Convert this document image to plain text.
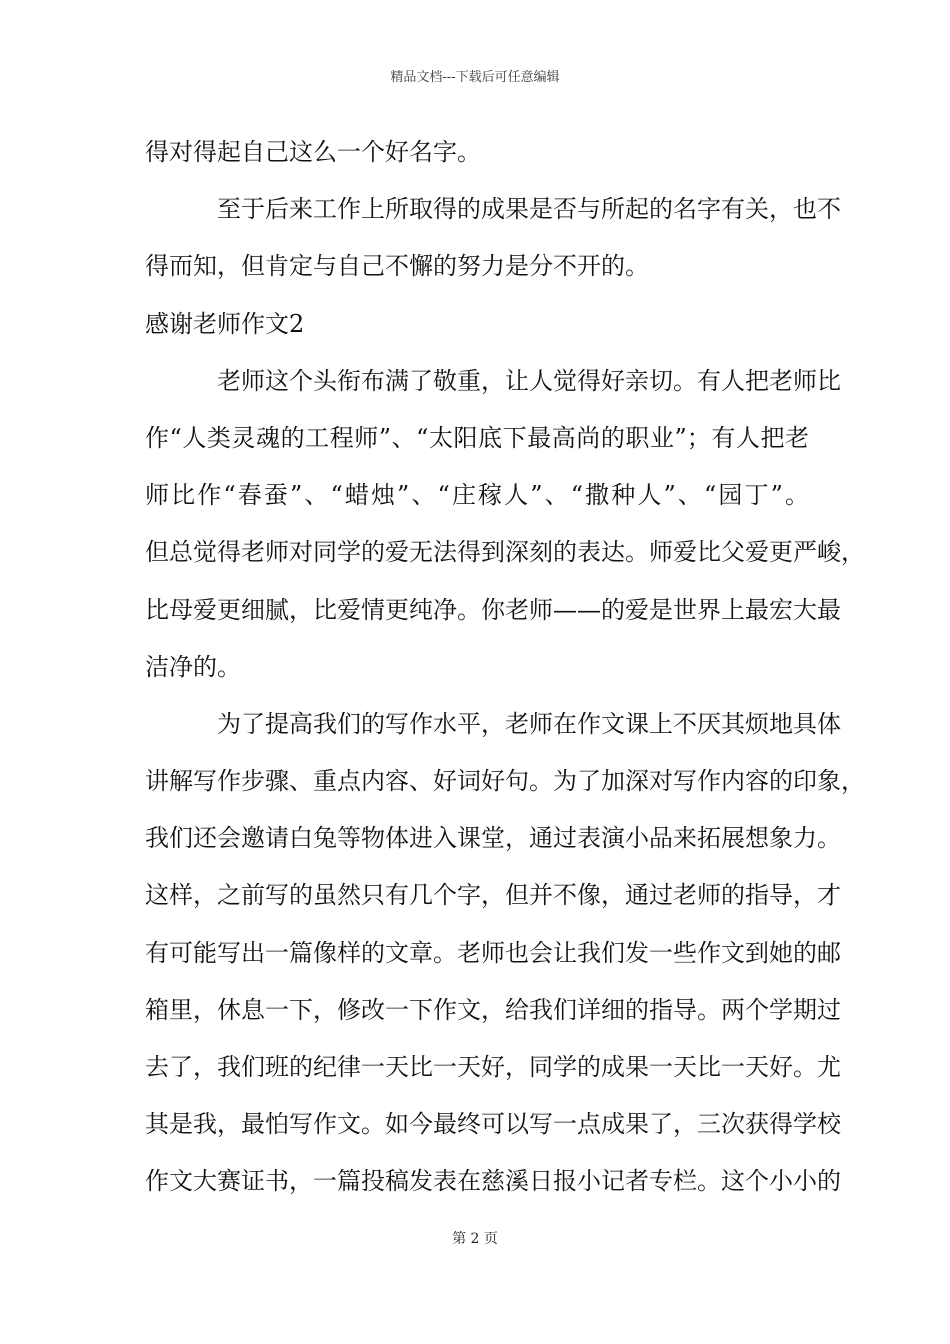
精品文档---下载后可任意编辑
得对得起自己这么一个好名字。
至于后来工作上所取得的成果是否与所起的名字有关，也不
得而知，但肯定与自己不懈的努力是分不开的。
感谢老师作文2
老师这个头衔布满了敬重，让人觉得好亲切。有人把老师比
作“人类灵魂的工程师”、“太阳底下最高尚的职业”；有人把老
师比作“春蚕”、“蜡烛”、“庄稼人”、“撒种人”、“园丁”。
但总觉得老师对同学的爱无法得到深刻的表达。师爱比父爱更严峻，
比母爱更细腻，比爱情更纯净。你老师——的爱是世界上最宏大最
洁净的。
为了提高我们的写作水平，老师在作文课上不厌其烦地具体
讲解写作步骤、重点内容、好词好句。为了加深对写作内容的印象，
我们还会邀请白兔等物体进入课堂，通过表演小品来拓展想象力。
这样，之前写的虽然只有几个字，但并不像，通过老师的指导，才
有可能写出一篇像样的文章。老师也会让我们发一些作文到她的邮
箱里，休息一下，修改一下作文，给我们详细的指导。两个学期过
去了，我们班的纪律一天比一天好，同学的成果一天比一天好。尤
其是我，最怕写作文。如今最终可以写一点成果了，三次获得学校
作文大赛证书，一篇投稿发表在慈溪日报小记者专栏。这个小小的
第 2 页
